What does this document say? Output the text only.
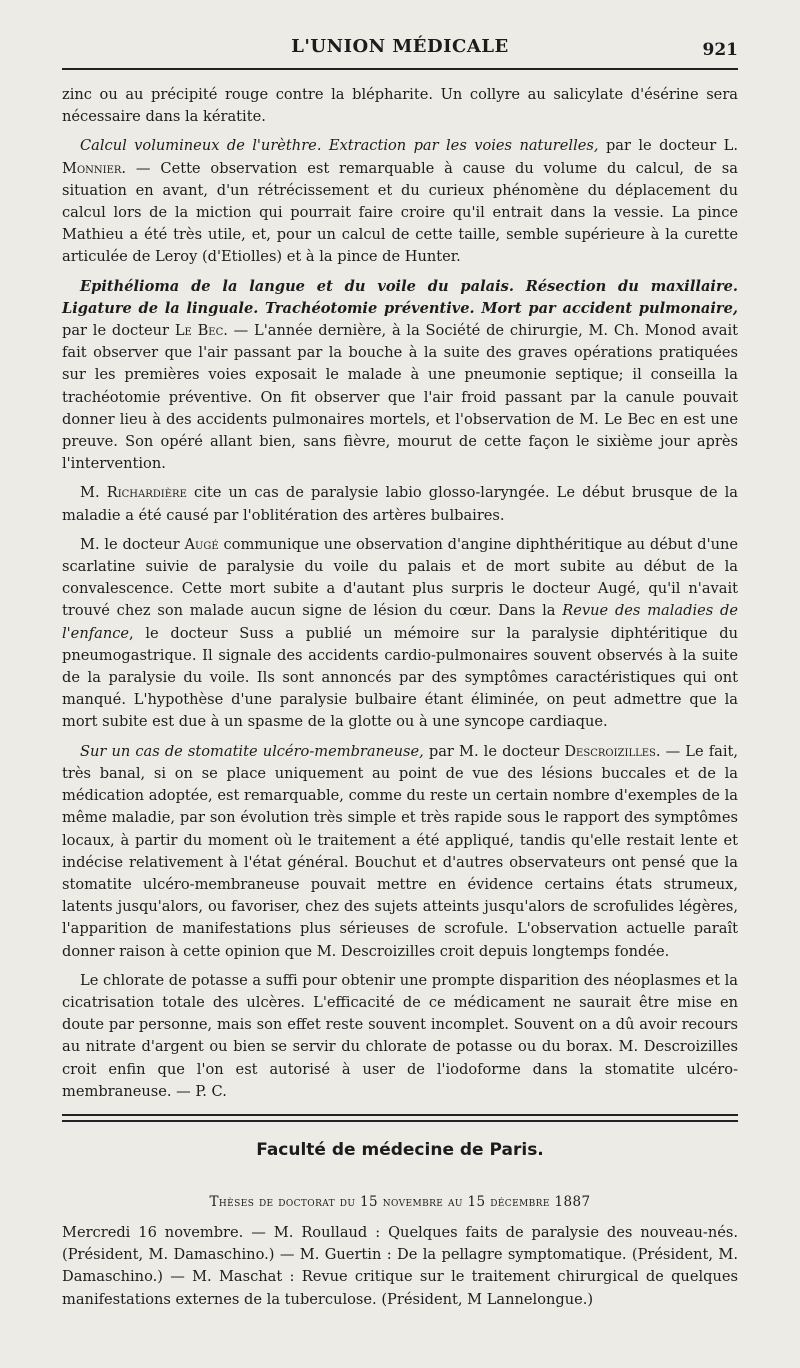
L'UNION MÉDICALE	921

zinc ou au précipité rouge contre la blépharite. Un collyre au salicylate d'ésérine sera nécessaire dans la kératite.

Calcul volumineux de l'urèthre. Extraction par les voies naturelles, par le docteur L. Monnier. — Cette observation est remarquable à cause du volume du calcul, de sa situation en avant, d'un rétrécissement et du curieux phénomène du déplacement du calcul lors de la miction qui pourrait faire croire qu'il entrait dans la vessie. La pince Mathieu a été très utile, et, pour un calcul de cette taille, semble supérieure à la curette articulée de Leroy (d'Etiolles) et à la pince de Hunter.

Epithélioma de la langue et du voile du palais. Résection du maxillaire. Ligature de la linguale. Trachéotomie préventive. Mort par accident pulmonaire, par le docteur Le Bec. — L'année dernière, à la Société de chirurgie, M. Ch. Monod avait fait observer que l'air passant par la bouche à la suite des graves opérations pratiquées sur les premières voies exposait le malade à une pneumonie septique; il conseilla la trachéotomie préventive. On fit observer que l'air froid passant par la canule pouvait donner lieu à des accidents pulmonaires mortels, et l'observation de M. Le Bec en est une preuve. Son opéré allant bien, sans fièvre, mourut de cette façon le sixième jour après l'intervention.

M. Richardière cite un cas de paralysie labio glosso-laryngée. Le début brusque de la maladie a été causé par l'oblitération des artères bulbaires.

M. le docteur Augé communique une observation d'angine diphthéritique au début d'une scarlatine suivie de paralysie du voile du palais et de mort subite au début de la convalescence. Cette mort subite a d'autant plus surpris le docteur Augé, qu'il n'avait trouvé chez son malade aucun signe de lésion du cœur. Dans la Revue des maladies de l'enfance, le docteur Suss a publié un mémoire sur la paralysie diphtéritique du pneumogastrique. Il signale des accidents cardio-pulmonaires souvent observés à la suite de la paralysie du voile. Ils sont annoncés par des symptômes caractéristiques qui ont manqué. L'hypothèse d'une paralysie bulbaire étant éliminée, on peut admettre que la mort subite est due à un spasme de la glotte ou à une syncope cardiaque.

Sur un cas de stomatite ulcéro-membraneuse, par M. le docteur Descroizilles. — Le fait, très banal, si on se place uniquement au point de vue des lésions buccales et de la médication adoptée, est remarquable, comme du reste un certain nombre d'exemples de la même maladie, par son évolution très simple et très rapide sous le rapport des symptômes locaux, à partir du moment où le traitement a été appliqué, tandis qu'elle restait lente et indécise relativement à l'état général. Bouchut et d'autres observateurs ont pensé que la stomatite ulcéro-membraneuse pouvait mettre en évidence certains états strumeux, latents jusqu'alors, ou favoriser, chez des sujets atteints jusqu'alors de scrofulides légères, l'apparition de manifestations plus sérieuses de scrofule. L'observation actuelle paraît donner raison à cette opinion que M. Descroizilles croit depuis longtemps fondée.

Le chlorate de potasse a suffi pour obtenir une prompte disparition des néoplasmes et la cicatrisation totale des ulcères. L'efficacité de ce médicament ne saurait être mise en doute par personne, mais son effet reste souvent incomplet. Souvent on a dû avoir recours au nitrate d'argent ou bien se servir du chlorate de potasse ou du borax. M. Descroizilles croit enfin que l'on est autorisé à user de l'iodoforme dans la stomatite ulcéro-membraneuse. — P. C.

Faculté de médecine de Paris.
Thèses de doctorat du 15 novembre au 15 décembre 1887

Mercredi 16 novembre. — M. Roullaud : Quelques faits de paralysie des nouveau-nés. (Président, M. Damaschino.) — M. Guertin : De la pellagre symptomatique. (Président, M. Damaschino.) — M. Maschat : Revue critique sur le traitement chirurgical de quelques manifestations externes de la tuberculose. (Président, M Lannelongue.)
